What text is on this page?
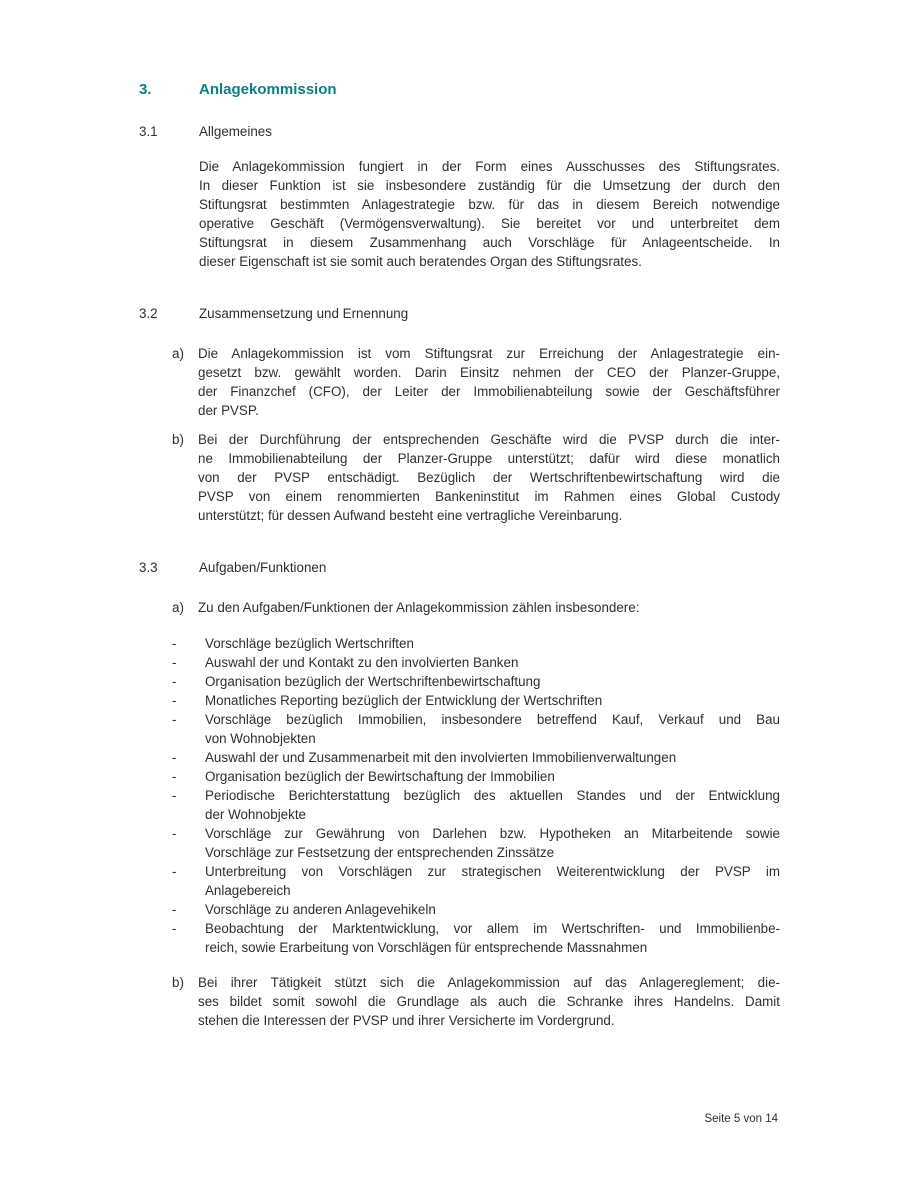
3.	Anlagekommission
3.1	Allgemeines
Die Anlagekommission fungiert in der Form eines Ausschusses des Stiftungsrates.
In dieser Funktion ist sie insbesondere zuständig für die Umsetzung der durch den
Stiftungsrat bestimmten Anlagestrategie bzw. für das in diesem Bereich notwendige
operative Geschäft (Vermögensverwaltung). Sie bereitet vor und unterbreitet dem
Stiftungsrat in diesem Zusammenhang auch Vorschläge für Anlageentscheide. In
dieser Eigenschaft ist sie somit auch beratendes Organ des Stiftungsrates.
3.2	Zusammensetzung und Ernennung
a)	Die Anlagekommission ist vom Stiftungsrat zur Erreichung der Anlagestrategie ein-
gesetzt bzw. gewählt worden. Darin Einsitz nehmen der CEO der Planzer-Gruppe,
der Finanzchef (CFO), der Leiter der Immobilienabteilung sowie der Geschäftsführer
der PVSP.
b)	Bei der Durchführung der entsprechenden Geschäfte wird die PVSP durch die inter-
ne Immobilienabteilung der Planzer-Gruppe unterstützt; dafür wird diese monatlich
von der PVSP entschädigt. Bezüglich der Wertschriftenbewirtschaftung wird die
PVSP von einem renommierten Bankeninstitut im Rahmen eines Global Custody
unterstützt; für dessen Aufwand besteht eine vertragliche Vereinbarung.
3.3	Aufgaben/Funktionen
a)	Zu den Aufgaben/Funktionen der Anlagekommission zählen insbesondere:
-	Vorschläge bezüglich Wertschriften
-	Auswahl der und Kontakt zu den involvierten Banken
-	Organisation bezüglich der Wertschriftenbewirtschaftung
-	Monatliches Reporting bezüglich der Entwicklung der Wertschriften
-	Vorschläge bezüglich Immobilien, insbesondere betreffend Kauf, Verkauf und Bau
von Wohnobjekten
-	Auswahl der und Zusammenarbeit mit den involvierten Immobilienverwaltungen
-	Organisation bezüglich der Bewirtschaftung der Immobilien
-	Periodische Berichterstattung bezüglich des aktuellen Standes und der Entwicklung
der Wohnobjekte
-	Vorschläge zur Gewährung von Darlehen bzw. Hypotheken an Mitarbeitende sowie
Vorschläge zur Festsetzung der entsprechenden Zinssätze
-	Unterbreitung von Vorschlägen zur strategischen Weiterentwicklung der PVSP im
Anlagebereich
-	Vorschläge zu anderen Anlagevehikeln
-	Beobachtung der Marktentwicklung, vor allem im Wertschriften- und Immobilienbe-
reich, sowie Erarbeitung von Vorschlägen für entsprechende Massnahmen
b)	Bei ihrer Tätigkeit stützt sich die Anlagekommission auf das Anlagereglement; die-
ses bildet somit sowohl die Grundlage als auch die Schranke ihres Handelns. Damit
stehen die Interessen der PVSP und ihrer Versicherte im Vordergrund.
Seite 5 von 14
